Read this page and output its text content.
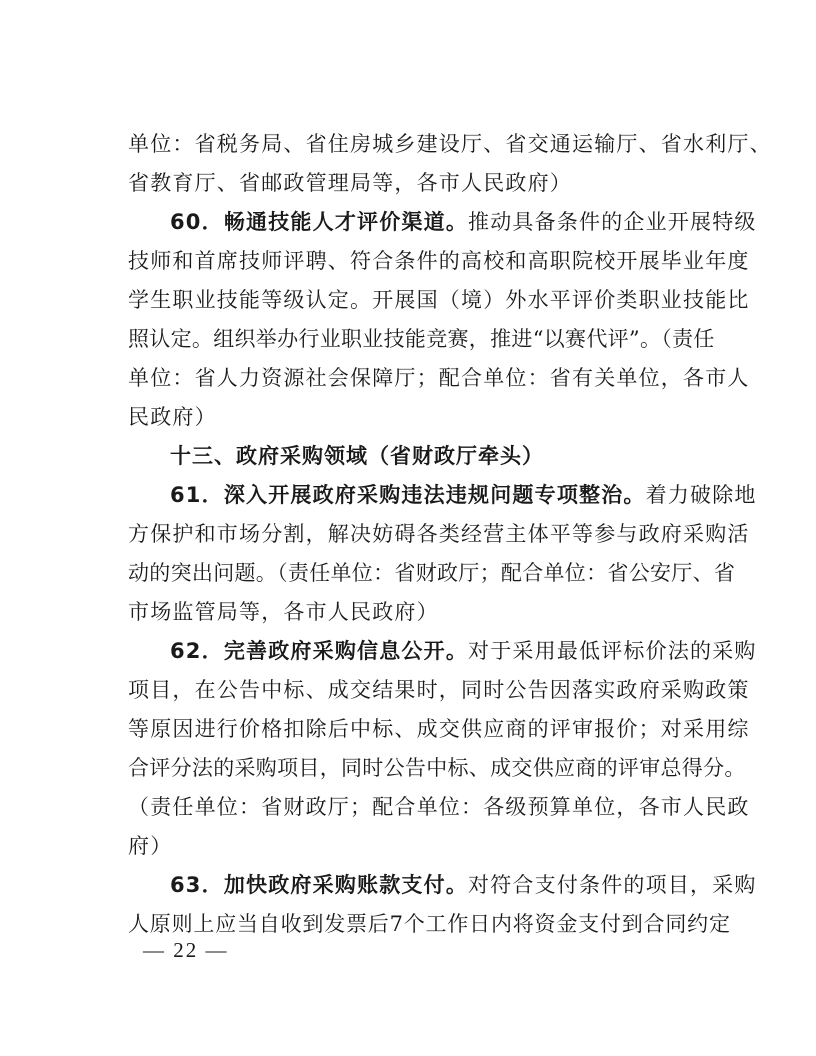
单位：省税务局、省住房城乡建设厅、省交通运输厅、省水利厅、
省教育厅、省邮政管理局等，各市人民政府）
60．畅通技能人才评价渠道。推动具备条件的企业开展特级
技师和首席技师评聘、符合条件的高校和高职院校开展毕业年度
学生职业技能等级认定。开展国（境）外水平评价类职业技能比
照认定。组织举办行业职业技能竞赛，推进“以赛代评”。（责任
单位：省人力资源社会保障厅；配合单位：省有关单位，各市人
民政府）
十三、政府采购领域（省财政厅牵头）
61．深入开展政府采购违法违规问题专项整治。着力破除地
方保护和市场分割，解决妨碍各类经营主体平等参与政府采购活
动的突出问题。（责任单位：省财政厅；配合单位：省公安厅、省
市场监管局等，各市人民政府）
62．完善政府采购信息公开。对于采用最低评标价法的采购
项目，在公告中标、成交结果时，同时公告因落实政府采购政策
等原因进行价格扣除后中标、成交供应商的评审报价；对采用综
合评分法的采购项目，同时公告中标、成交供应商的评审总得分。
（责任单位：省财政厅；配合单位：各级预算单位，各市人民政
府）
63．加快政府采购账款支付。对符合支付条件的项目，采购
人原则上应当自收到发票后7个工作日内将资金支付到合同约定
— 22 —
